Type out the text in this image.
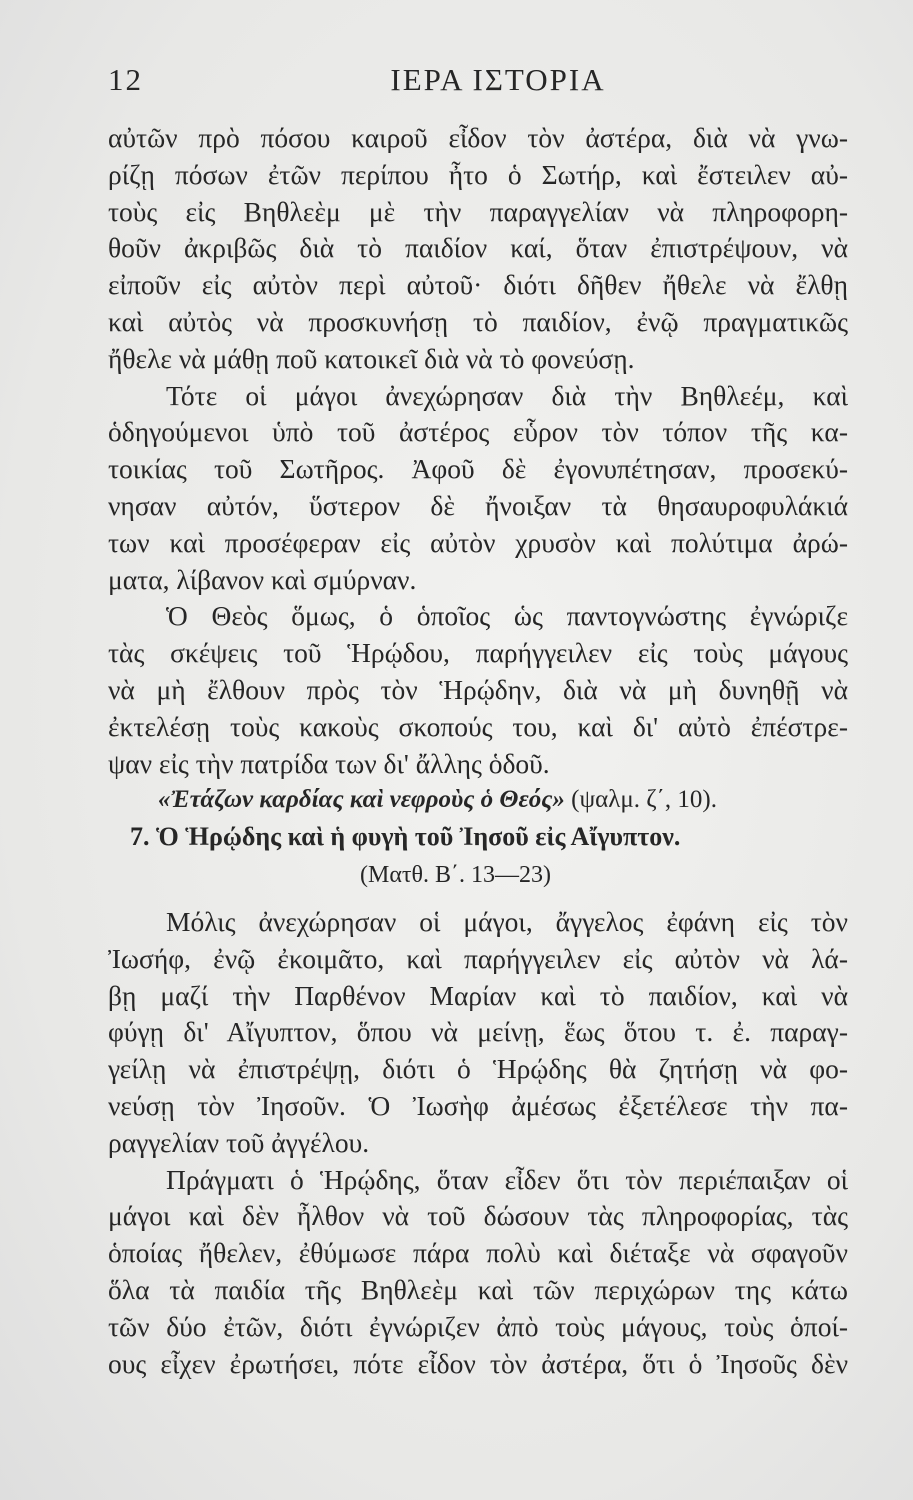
12	ΙΕΡΑ ΙΣΤΟΡΙΑ
αὐτῶν πρὸ πόσου καιροῦ εἶδον τὸν ἀστέρα, διὰ νὰ γνω-
ρίζῃ πόσων ἐτῶν περίπου ἦτο ὁ Σωτήρ, καὶ ἔστειλεν αὐ-
τοὺς εἰς Βηθλεὲμ μὲ τὴν παραγγελίαν νὰ πληροφορη-
θοῦν ἀκριβῶς διὰ τὸ παιδίον καί, ὅταν ἐπιστρέψουν, νὰ
εἰποῦν εἰς αὐτὸν περὶ αὐτοῦ· διότι δῆθεν ἤθελε νὰ ἔλθῃ
καὶ αὐτὸς νὰ προσκυνήσῃ τὸ παιδίον, ἐνῷ πραγματικῶς
ἤθελε νὰ μάθῃ ποῦ κατοικεῖ διὰ νὰ τὸ φονεύσῃ.
Τότε οἱ μάγοι ἀνεχώρησαν διὰ τὴν Βηθλεέμ, καὶ
ὁδηγούμενοι ὑπὸ τοῦ ἀστέρος εὗρον τὸν τόπον τῆς κα-
τοικίας τοῦ Σωτῆρος. Ἀφοῦ δὲ ἐγονυπέτησαν, προσεκύ-
νησαν αὐτόν, ὕστερον δὲ ἤνοιξαν τὰ θησαυροφυλάκιά
των καὶ προσέφεραν εἰς αὐτὸν χρυσὸν καὶ πολύτιμα ἀρώ-
ματα, λίβανον καὶ σμύρναν.
Ὁ Θεὸς ὅμως, ὁ ὁποῖος ὡς παντογνώστης ἐγνώριζε
τὰς σκέψεις τοῦ Ἡρῴδου, παρήγγειλεν εἰς τοὺς μάγους
νὰ μὴ ἔλθουν πρὸς τὸν Ἡρῴδην, διὰ νὰ μὴ δυνηθῇ νὰ
ἐκτελέσῃ τοὺς κακοὺς σκοπούς του, καὶ δι' αὐτὸ ἐπέστρε-
ψαν εἰς τὴν πατρίδα των δι' ἄλλης ὁδοῦ.
«Ἐτάζων καρδίας καὶ νεφροὺς ὁ Θεός» (ψαλμ. ζ΄, 10).
7. Ὁ Ἡρῴδης καὶ ἡ φυγὴ τοῦ Ἰησοῦ εἰς Αἴγυπτον.
(Ματθ. Β΄. 13—23)
Μόλις ἀνεχώρησαν οἱ μάγοι, ἄγγελος ἐφάνη εἰς τὸν
Ἰωσήφ, ἐνῷ ἐκοιμᾶτο, καὶ παρήγγειλεν εἰς αὐτὸν νὰ λά-
βῃ μαζί τὴν Παρθένον Μαρίαν καὶ τὸ παιδίον, καὶ νὰ
φύγῃ δι' Αἴγυπτον, ὅπου νὰ μείνῃ, ἕως ὅτου τ. ἐ. παραγ-
γείλῃ νὰ ἐπιστρέψῃ, διότι ὁ Ἡρῴδης θὰ ζητήσῃ νὰ φο-
νεύσῃ τὸν Ἰησοῦν. Ὁ Ἰωσὴφ ἀμέσως ἐξετέλεσε τὴν πα-
ραγγελίαν τοῦ ἀγγέλου.
Πράγματι ὁ Ἡρῴδης, ὅταν εἶδεν ὅτι τὸν περιέπαιξαν οἱ
μάγοι καὶ δὲν ἦλθον νὰ τοῦ δώσουν τὰς πληροφορίας, τὰς
ὁποίας ἤθελεν, ἐθύμωσε πάρα πολὺ καὶ διέταξε νὰ σφαγοῦν
ὅλα τὰ παιδία τῆς Βηθλεὲμ καὶ τῶν περιχώρων της κάτω
τῶν δύο ἐτῶν, διότι ἐγνώριζεν ἀπὸ τοὺς μάγους, τοὺς ὁποί-
ους εἶχεν ἐρωτήσει, πότε εἶδον τὸν ἀστέρα, ὅτι ὁ Ἰησοῦς δὲν
